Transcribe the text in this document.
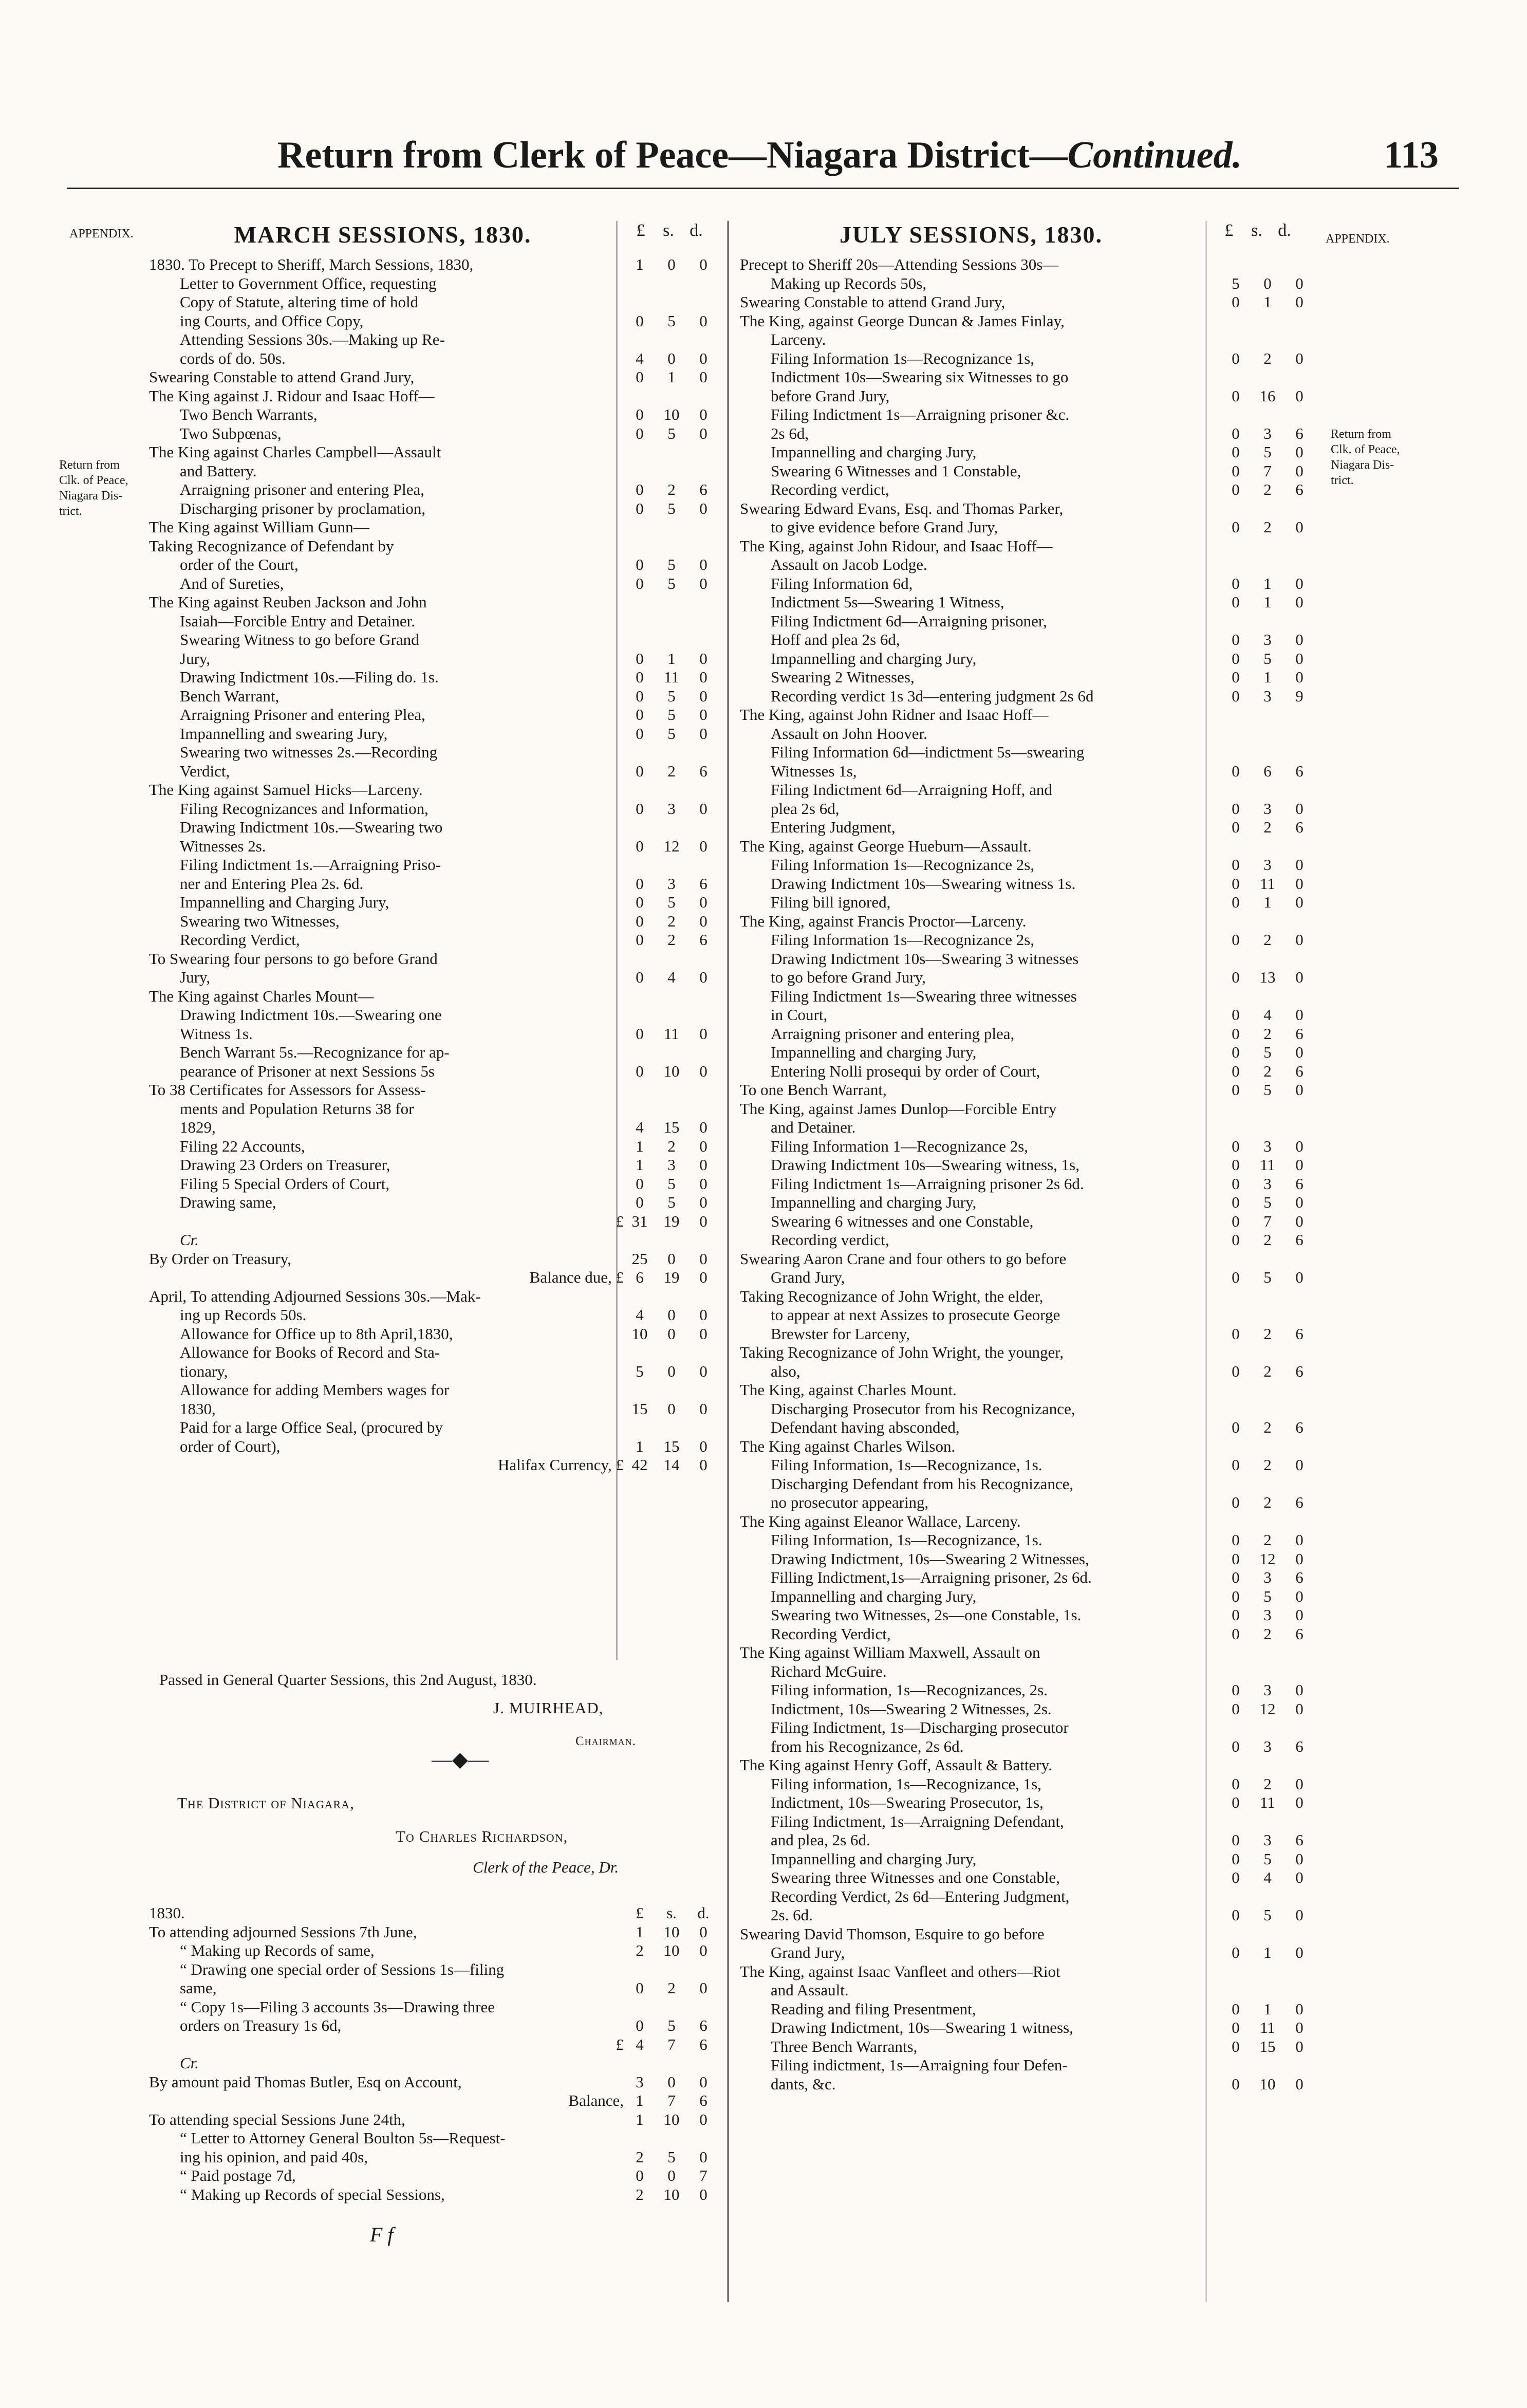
Return from Clerk of Peace—Niagara District—Continued.	113
APPENDIX.	APPENDIX.
Return from
Clk. of Peace,
Niagara Dis-
trict.
Return from
Clk. of Peace,
Niagara Dis-
trict.
MARCH SESSIONS, 1830.	£ s. d.
1830. To Precept to Sheriff, March Sessions, 1830,	1	0	0
Letter to Government Office, requesting
Copy of Statute, altering time of hold
ing Courts, and Office Copy,	0	5	0
Attending Sessions 30s.—Making up Re-
cords of do. 50s.	4	0	0
Swearing Constable to attend Grand Jury,	0	1	0
The King against J. Ridour and Isaac Hoff—
Two Bench Warrants,	0	10	0
Two Subpœnas,	0	5	0
The King against Charles Campbell—Assault
and Battery.
Arraigning prisoner and entering Plea,	0	2	6
Discharging prisoner by proclamation,	0	5	0
The King against William Gunn—
Taking Recognizance of Defendant by
order of the Court,	0	5	0
And of Sureties,	0	5	0
The King against Reuben Jackson and John
Isaiah—Forcible Entry and Detainer.
Swearing Witness to go before Grand
Jury,	0	1	0
Drawing Indictment 10s.—Filing do. 1s.	0	11	0
Bench Warrant,	0	5	0
Arraigning Prisoner and entering Plea,	0	5	0
Impannelling and swearing Jury,	0	5	0
Swearing two witnesses 2s.—Recording
Verdict,	0	2	6
The King against Samuel Hicks—Larceny.
Filing Recognizances and Information,	0	3	0
Drawing Indictment 10s.—Swearing two
Witnesses 2s.	0	12	0
Filing Indictment 1s.—Arraigning Priso-
ner and Entering Plea 2s. 6d.	0	3	6
Impannelling and Charging Jury,	0	5	0
Swearing two Witnesses,	0	2	0
Recording Verdict,	0	2	6
To Swearing four persons to go before Grand
Jury,	0	4	0
The King against Charles Mount—
Drawing Indictment 10s.—Swearing one
Witness 1s.	0	11	0
Bench Warrant 5s.—Recognizance for ap-
pearance of Prisoner at next Sessions 5s	0	10	0
To 38 Certificates for Assessors for Assess-
ments and Population Returns 38 for
1829,	4	15	0
Filing 22 Accounts,	1	2	0
Drawing 23 Orders on Treasurer,	1	3	0
Filing 5 Special Orders of Court,	0	5	0
Drawing same,	0	5	0
£ 31	19	0
Cr.
By Order on Treasury,	25	0	0
Balance due, £ 6	19	0
April, To attending Adjourned Sessions 30s.—Mak-
ing up Records 50s.	4	0	0
Allowance for Office up to 8th April,1830,	10	0	0
Allowance for Books of Record and Sta-
tionary,	5	0	0
Allowance for adding Members wages for
1830,	15	0	0
Paid for a large Office Seal, (procured by
order of Court),	1	15	0
Halifax Currency, £ 42	14	0
Passed in General Quarter Sessions, this 2nd August, 1830.
J. MUIRHEAD,
Chairman.
—◆—
The District of Niagara,
To Charles Richardson,
Clerk of the Peace, Dr.
1830.	£	s.	d.
To attending adjourned Sessions 7th June,	1	10	0
“ Making up Records of same,	2	10	0
“ Drawing one special order of Sessions 1s—filing
same,	0	2	0
“ Copy 1s—Filing 3 accounts 3s—Drawing three
orders on Treasury 1s 6d,	0	5	6
£ 4	7	6
Cr.
By amount paid Thomas Butler, Esq on Account,	3	0	0
Balance, 1	7	6
To attending special Sessions June 24th,	1	10	0
“ Letter to Attorney General Boulton 5s—Request-
ing his opinion, and paid 40s,	2	5	0
“ Paid postage 7d,	0	0	7
“ Making up Records of special Sessions,	2	10	0
F f
JULY SESSIONS, 1830.	£ s. d.
Precept to Sheriff 20s—Attending Sessions 30s—
Making up Records 50s,	5	0	0
Swearing Constable to attend Grand Jury,	0	1	0
The King, against George Duncan & James Finlay,
Larceny.
Filing Information 1s—Recognizance 1s,	0	2	0
Indictment 10s—Swearing six Witnesses to go
before Grand Jury,	0	16	0
Filing Indictment 1s—Arraigning prisoner &c.
2s 6d,	0	3	6
Impannelling and charging Jury,	0	5	0
Swearing 6 Witnesses and 1 Constable,	0	7	0
Recording verdict,	0	2	6
Swearing Edward Evans, Esq. and Thomas Parker,
to give evidence before Grand Jury,	0	2	0
The King, against John Ridour, and Isaac Hoff—
Assault on Jacob Lodge.
Filing Information 6d,	0	1	0
Indictment 5s—Swearing 1 Witness,	0	1	0
Filing Indictment 6d—Arraigning prisoner,
Hoff and plea 2s 6d,	0	3	0
Impannelling and charging Jury,	0	5	0
Swearing 2 Witnesses,	0	1	0
Recording verdict 1s 3d—entering judgment 2s 6d	0	3	9
The King, against John Ridner and Isaac Hoff—
Assault on John Hoover.
Filing Information 6d—indictment 5s—swearing
Witnesses 1s,	0	6	6
Filing Indictment 6d—Arraigning Hoff, and
plea 2s 6d,	0	3	0
Entering Judgment,	0	2	6
The King, against George Hueburn—Assault.
Filing Information 1s—Recognizance 2s,	0	3	0
Drawing Indictment 10s—Swearing witness 1s.	0	11	0
Filing bill ignored,	0	1	0
The King, against Francis Proctor—Larceny.
Filing Information 1s—Recognizance 2s,	0	2	0
Drawing Indictment 10s—Swearing 3 witnesses
to go before Grand Jury,	0	13	0
Filing Indictment 1s—Swearing three witnesses
in Court,	0	4	0
Arraigning prisoner and entering plea,	0	2	6
Impannelling and charging Jury,	0	5	0
Entering Nolli prosequi by order of Court,	0	2	6
To one Bench Warrant,	0	5	0
The King, against James Dunlop—Forcible Entry
and Detainer.
Filing Information 1—Recognizance 2s,	0	3	0
Drawing Indictment 10s—Swearing witness, 1s,	0	11	0
Filing Indictment 1s—Arraigning prisoner 2s 6d.	0	3	6
Impannelling and charging Jury,	0	5	0
Swearing 6 witnesses and one Constable,	0	7	0
Recording verdict,	0	2	6
Swearing Aaron Crane and four others to go before
Grand Jury,	0	5	0
Taking Recognizance of John Wright, the elder,
to appear at next Assizes to prosecute George
Brewster for Larceny,	0	2	6
Taking Recognizance of John Wright, the younger,
also,	0	2	6
The King, against Charles Mount.
Discharging Prosecutor from his Recognizance,
Defendant having absconded,	0	2	6
The King against Charles Wilson.
Filing Information, 1s—Recognizance, 1s.	0	2	0
Discharging Defendant from his Recognizance,
no prosecutor appearing,	0	2	6
The King against Eleanor Wallace, Larceny.
Filing Information, 1s—Recognizance, 1s.	0	2	0
Drawing Indictment, 10s—Swearing 2 Witnesses,	0	12	0
Filling Indictment,1s—Arraigning prisoner, 2s 6d.	0	3	6
Impannelling and charging Jury,	0	5	0
Swearing two Witnesses, 2s—one Constable, 1s.	0	3	0
Recording Verdict,	0	2	6
The King against William Maxwell, Assault on
Richard McGuire.
Filing information, 1s—Recognizances, 2s.	0	3	0
Indictment, 10s—Swearing 2 Witnesses, 2s.	0	12	0
Filing Indictment, 1s—Discharging prosecutor
from his Recognizance, 2s 6d.	0	3	6
The King against Henry Goff, Assault & Battery.
Filing information, 1s—Recognizance, 1s,	0	2	0
Indictment, 10s—Swearing Prosecutor, 1s,	0	11	0
Filing Indictment, 1s—Arraigning Defendant,
and plea, 2s 6d.	0	3	6
Impannelling and charging Jury,	0	5	0
Swearing three Witnesses and one Constable,	0	4	0
Recording Verdict, 2s 6d—Entering Judgment,
2s. 6d.	0	5	0
Swearing David Thomson, Esquire to go before
Grand Jury,	0	1	0
The King, against Isaac Vanfleet and others—Riot
and Assault.
Reading and filing Presentment,	0	1	0
Drawing Indictment, 10s—Swearing 1 witness,	0	11	0
Three Bench Warrants,	0	15	0
Filing indictment, 1s—Arraigning four Defen-
dants, &c.	0	10	0
